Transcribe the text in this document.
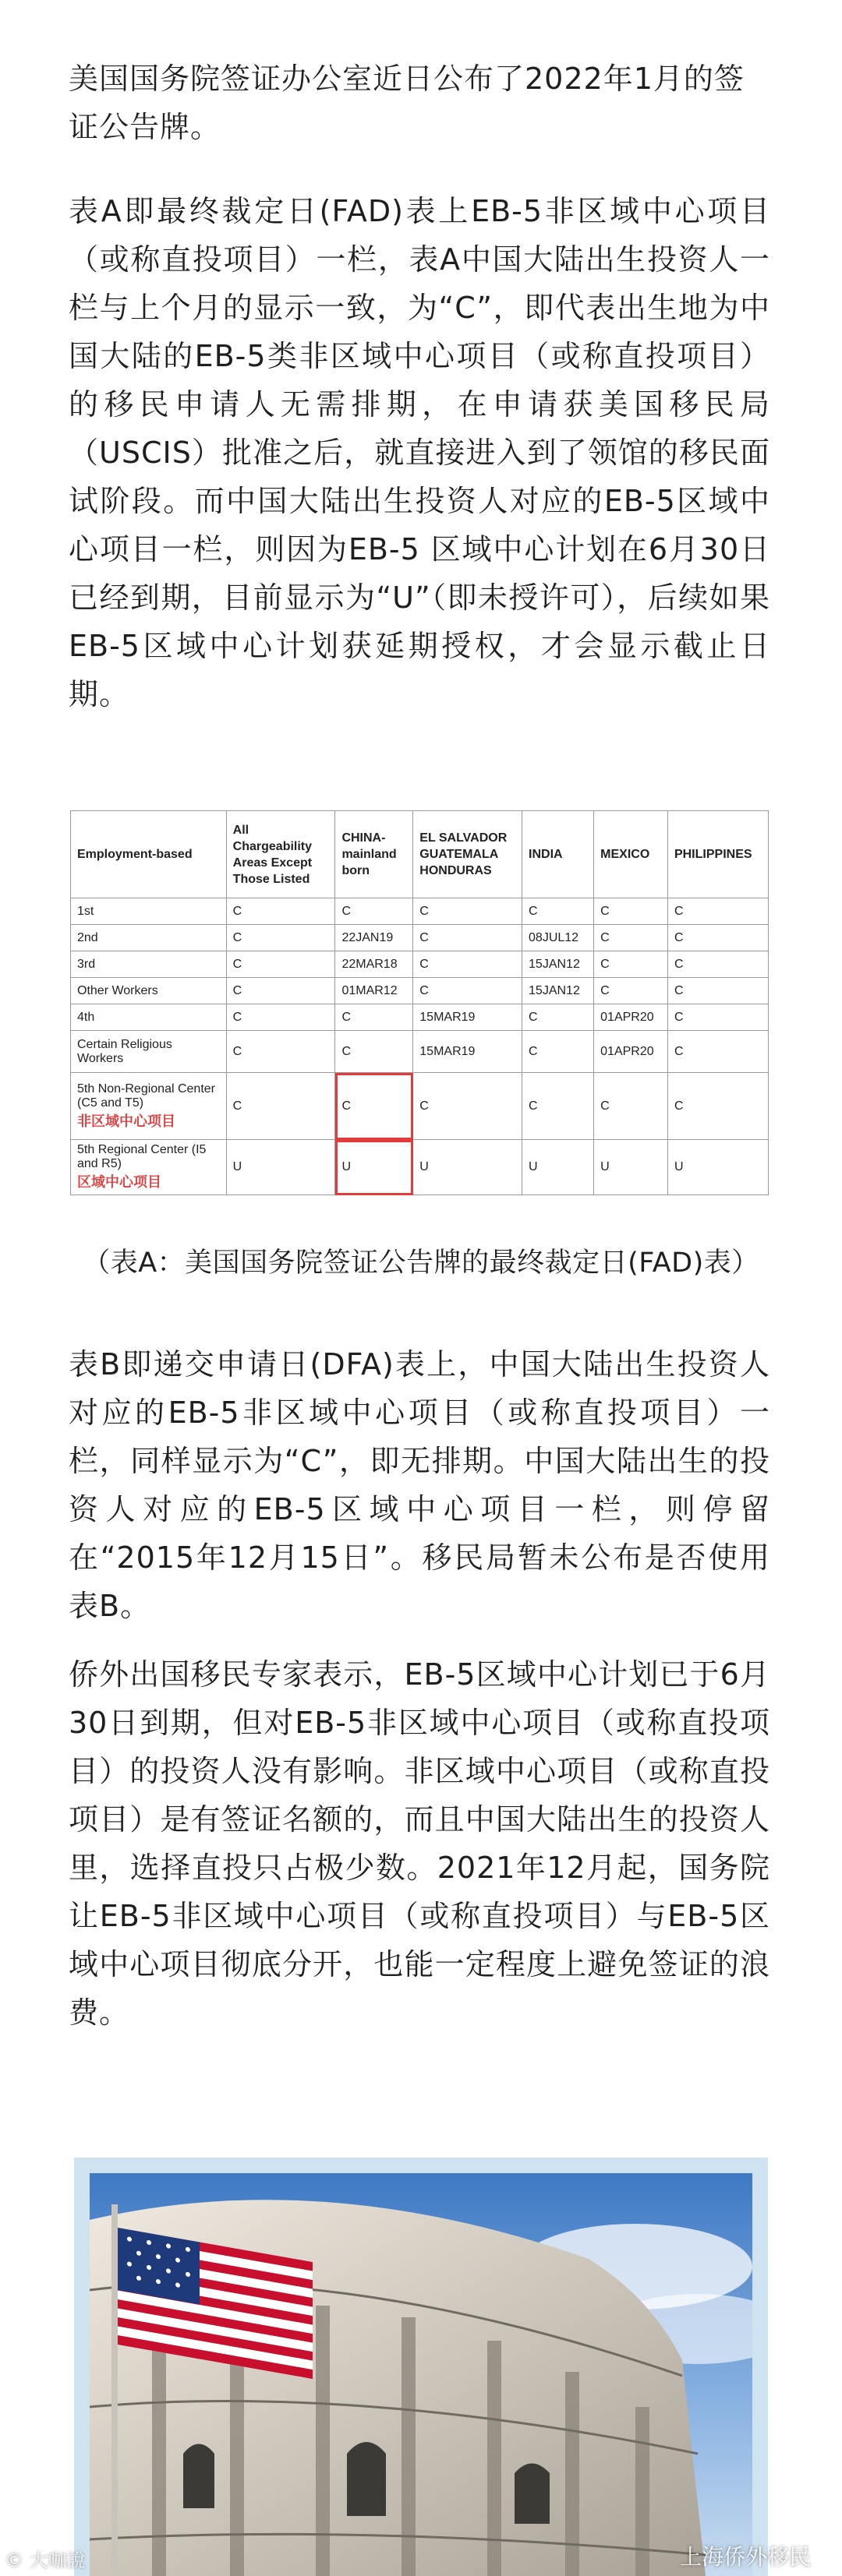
美国国务院签证办公室近日公布了2022年1月的签证公告牌。

表A即最终裁定日(FAD)表上EB-5非区域中心项目（或称直投项目）一栏，表A中国大陆出生投资人一栏与上个月的显示一致，为“C”，即代表出生地为中国大陆的EB-5类非区域中心项目（或称直投项目）的移民申请人无需排期，在申请获美国移民局（USCIS）批准之后，就直接进入到了领馆的移民面试阶段。而中国大陆出生投资人对应的EB-5区域中心项目一栏，则因为EB-5 区域中心计划在6月30日已经到期，目前显示为“U”（即未授许可），后续如果EB-5区域中心计划获延期授权，才会显示截止日期。

Employment-based	All Chargeability Areas Except Those Listed	CHINA-mainland born	EL SALVADOR GUATEMALA HONDURAS	INDIA	MEXICO	PHILIPPINES
1st	C	C	C	C	C	C
2nd	C	22JAN19	C	08JUL12	C	C
3rd	C	22MAR18	C	15JAN12	C	C
Other Workers	C	01MAR12	C	15JAN12	C	C
4th	C	C	15MAR19	C	01APR20	C
Certain Religious Workers	C	C	15MAR19	C	01APR20	C

5th Non-Regional Center (C5 and T5)
非区域中心项目	C	C	C	C	C	C

5th Regional Center (I5 and R5)
区域中心项目	U	U	U	U	U	U
（表A：美国国务院签证公告牌的最终裁定日(FAD)表）

表B即递交申请日(DFA)表上，中国大陆出生投资人对应的EB-5非区域中心项目（或称直投项目）一栏，同样显示为“C”，即无排期。中国大陆出生的投资人对应的EB-5区域中心项目一栏，则停留在“2015年12月15日”。移民局暂未公布是否使用表B。

侨外出国移民专家表示，EB-5区域中心计划已于6月30日到期，但对EB-5非区域中心项目（或称直投项目）的投资人没有影响。非区域中心项目（或称直投项目）是有签证名额的，而且中国大陆出生的投资人里，选择直投只占极少数。2021年12月起，国务院让EB-5非区域中心项目（或称直投项目）与EB-5区域中心项目彻底分开，也能一定程度上避免签证的浪费。

© 大咖說	上海侨外移民
